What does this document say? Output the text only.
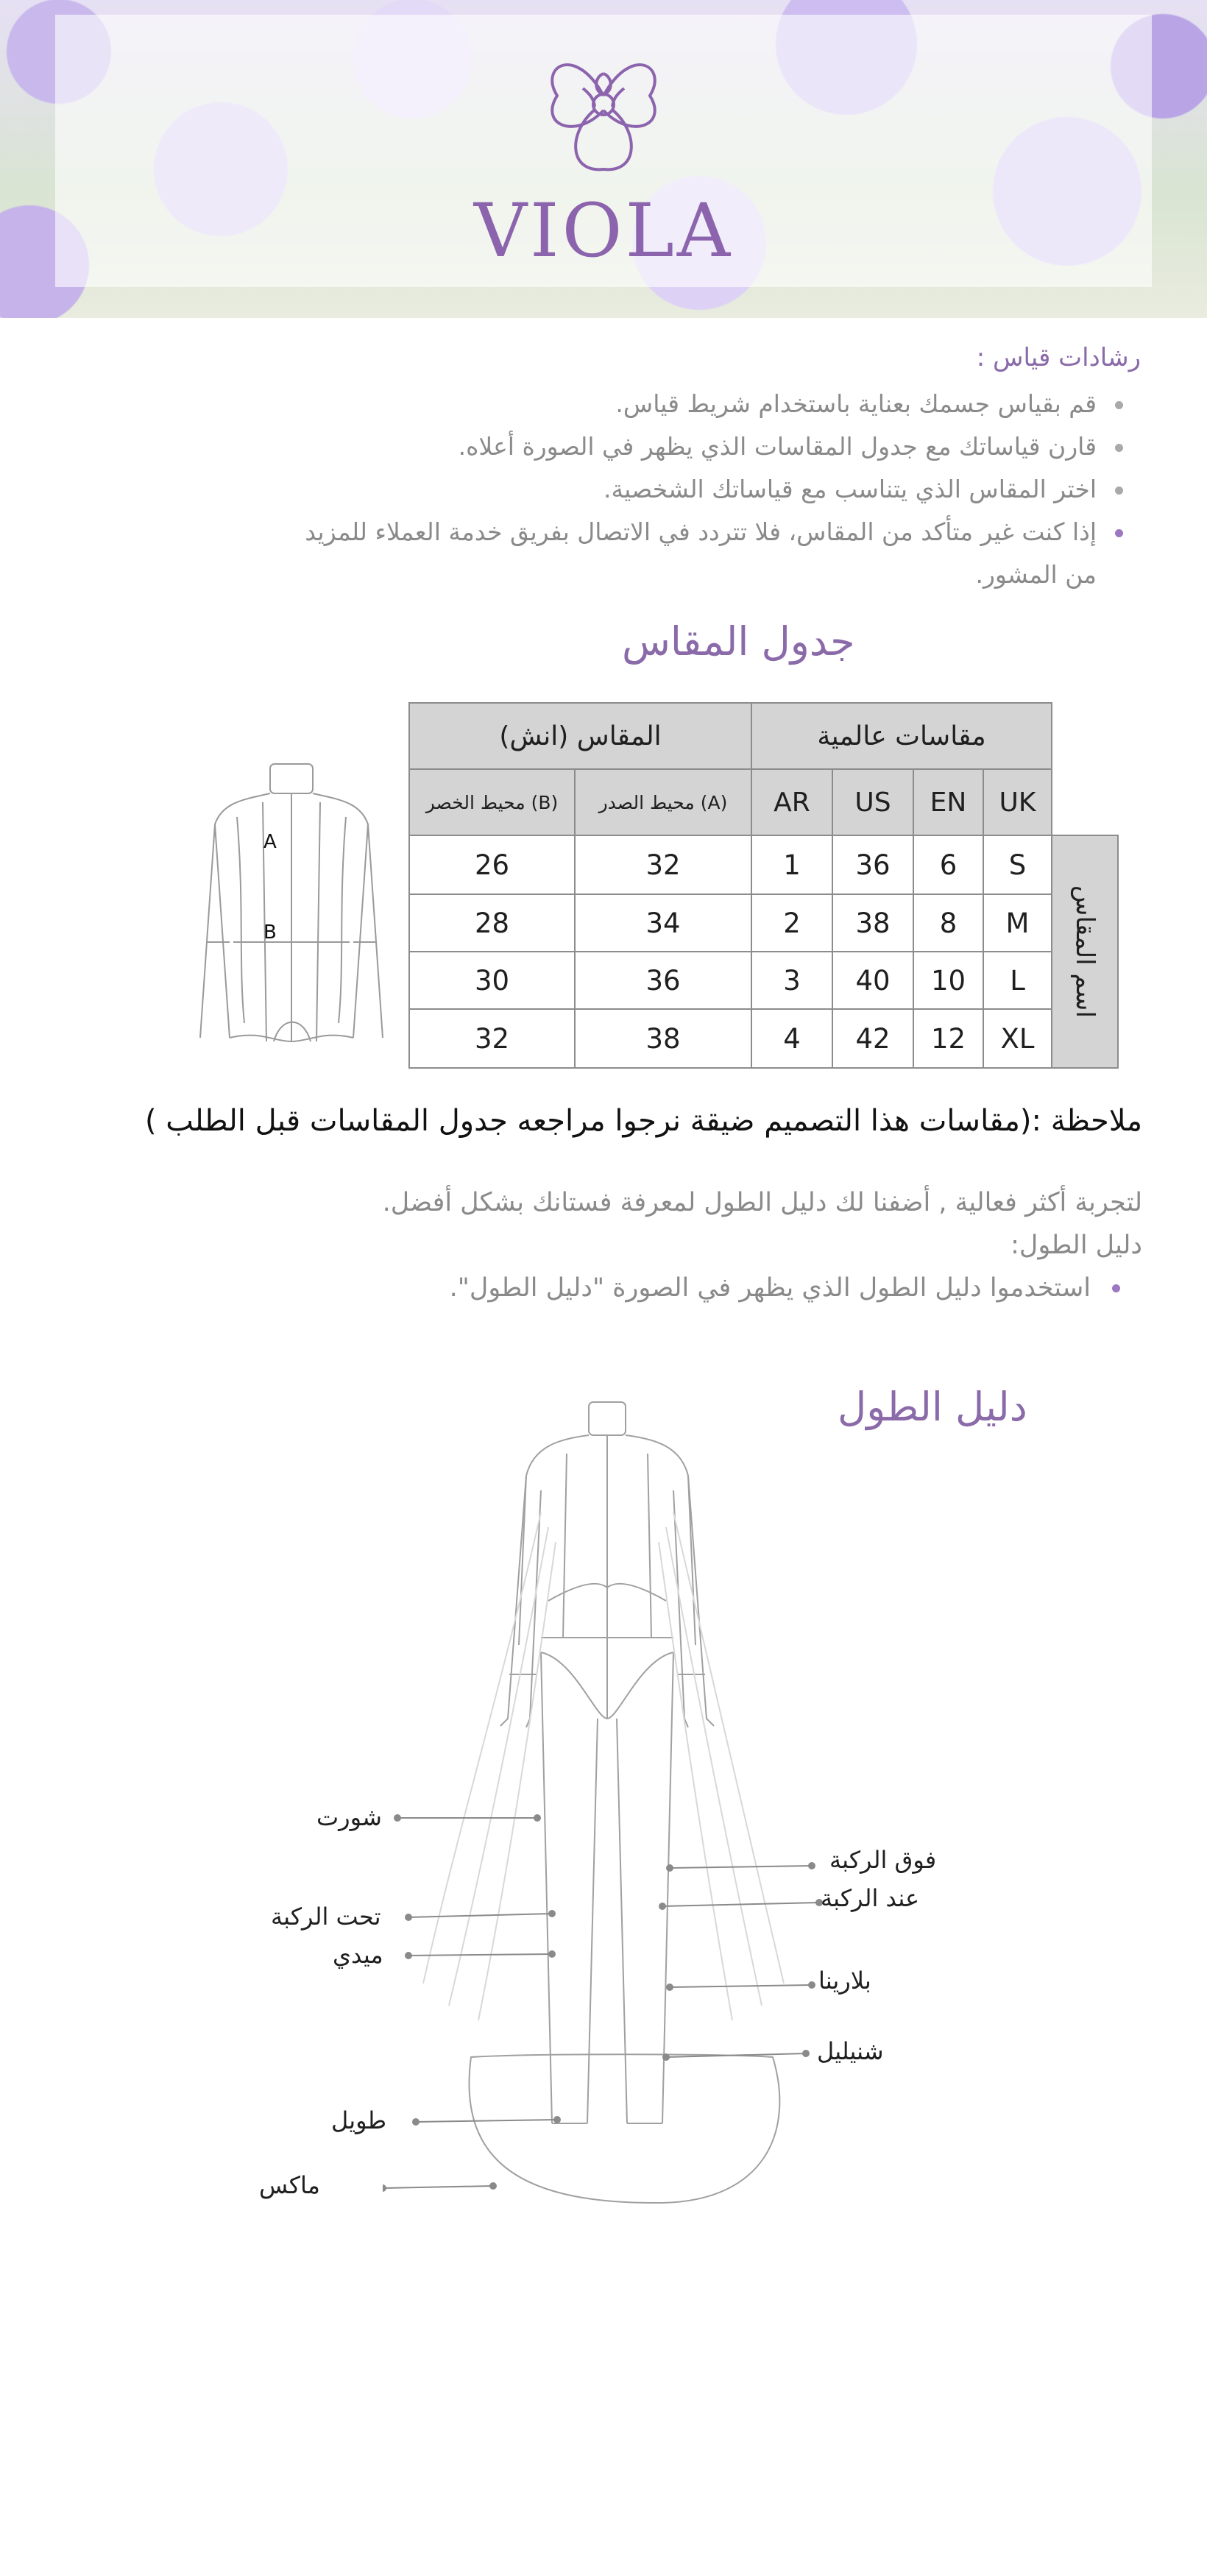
VIOLA
رشادات قياس :
قم بقياس جسمك بعناية باستخدام شريط قياس.
قارن قياساتك مع جدول المقاسات الذي يظهر في الصورة أعلاه.
اختر المقاس الذي يتناسب مع قياساتك الشخصية.
إذا كنت غير متأكد من المقاس، فلا تتردد في الاتصال بفريق خدمة العملاء للمزيد
من المشور.
جدول المقاس
A
B
المقاس (انش)	مقاسات عالمية
محيط الخصر (B)	محيط الصدر (A)	AR	US	EN	UK
اسم المقاس
26	32	1	36	6	S
28	34	2	38	8	M
30	36	3	40	10	L
32	38	4	42	12	XL
ملاحظة :(مقاسات هذا التصميم ضيقة نرجوا مراجعه جدول المقاسات قبل الطلب )
لتجربة أكثر فعالية , أضفنا لك دليل الطول لمعرفة فستانك بشكل أفضل.
دليل الطول:
استخدموا دليل الطول الذي يظهر في الصورة "دليل الطول".
دليل الطول
شورت
تحت الركبة
ميدي
طويل
ماكس
فوق الركبة
عند الركبة
بلارينا
شنيليل
